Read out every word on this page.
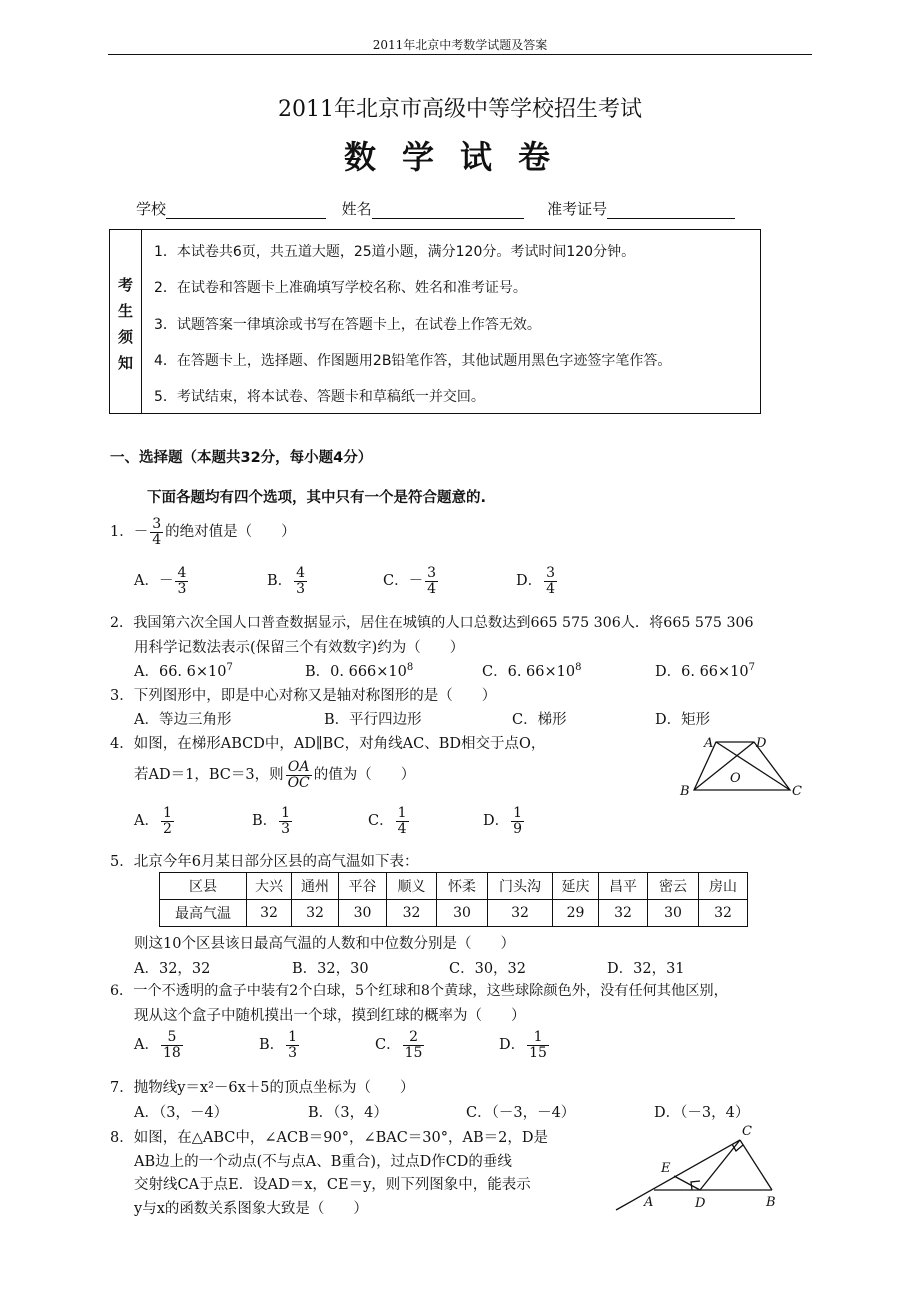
2011年北京中考数学试题及答案
2011年北京市高级中等学校招生考试
数学试卷
学校	姓名	准考证号
考
生
须
知
1．本试卷共6页，共五道大题，25道小题，满分120分。考试时间120分钟。
2．在试卷和答题卡上准确填写学校名称、姓名和准考证号。
3．试题答案一律填涂或书写在答题卡上，在试卷上作答无效。
4．在答题卡上，选择题、作图题用2B铅笔作答，其他试题用黑色字迹签字笔作答。
5．考试结束，将本试卷、答题卡和草稿纸一并交回。
一、选择题（本题共32分，每小题4分）
下面各题均有四个选项，其中只有一个是符合题意的.
1．－ $\frac{3}{4}$ 的绝对值是（　　）
A．－ $\frac{4}{3}$	B． $\frac{4}{3}$	C．－ $\frac{3}{4}$	D． $\frac{3}{4}$
2．我国第六次全国人口普查数据显示，居住在城镇的人口总数达到665 575 306人．将665 575 306
用科学记数法表示(保留三个有效数字)约为（　　）
A．66. $6\times 10^7$	B．0. $666\times 10^8$	C．6. $66\times 10^8$	D．6. $66\times 10^7$
3．下列图形中，即是中心对称又是轴对称图形的是（　　）
A．等边三角形	B．平行四边形	C．梯形	D．矩形
4．如图，在梯形ABCD中，AD∥BC，对角线AC、BD相交于点O，
若AD＝1，BC＝3，则 $\frac{OA}{OC}$ 的值为（　　）
A． $\frac{1}{2}$	B． $\frac{1}{3}$	C． $\frac{1}{4}$	D． $\frac{1}{9}$
A	D
O
B	C
5．北京今年6月某日部分区县的高气温如下表：
区县	大兴	通州	平谷	顺义	怀柔	门头沟	延庆	昌平	密云	房山
最高气温	32	32	30	32	30	32	29	32	30	32
则这10个区县该日最高气温的人数和中位数分别是（　　）
A．32，32	B．32，30	C．30，32	D．32，31
6．一个不透明的盒子中装有2个白球，5个红球和8个黄球，这些球除颜色外，没有任何其他区别，
现从这个盒子中随机摸出一个球，摸到红球的概率为（　　）
A． $\frac{5}{18}$	B． $\frac{1}{3}$	C． $\frac{2}{15}$	D． $\frac{1}{15}$
7．抛物线y＝x²－6x＋5的顶点坐标为（　　）
A．（3，－4）	B．（3，4）	C．（－3，－4）	D．（－3，4）
8．如图，在△ABC中，∠ACB＝90°，∠BAC＝30°，AB＝2，D是
AB边上的一个动点(不与点A、B重合)，过点D作CD的垂线
交射线CA于点E．设AD＝x，CE＝y，则下列图象中，能表示
y与x的函数关系图象大致是（　　）
C
E
A	D	B
